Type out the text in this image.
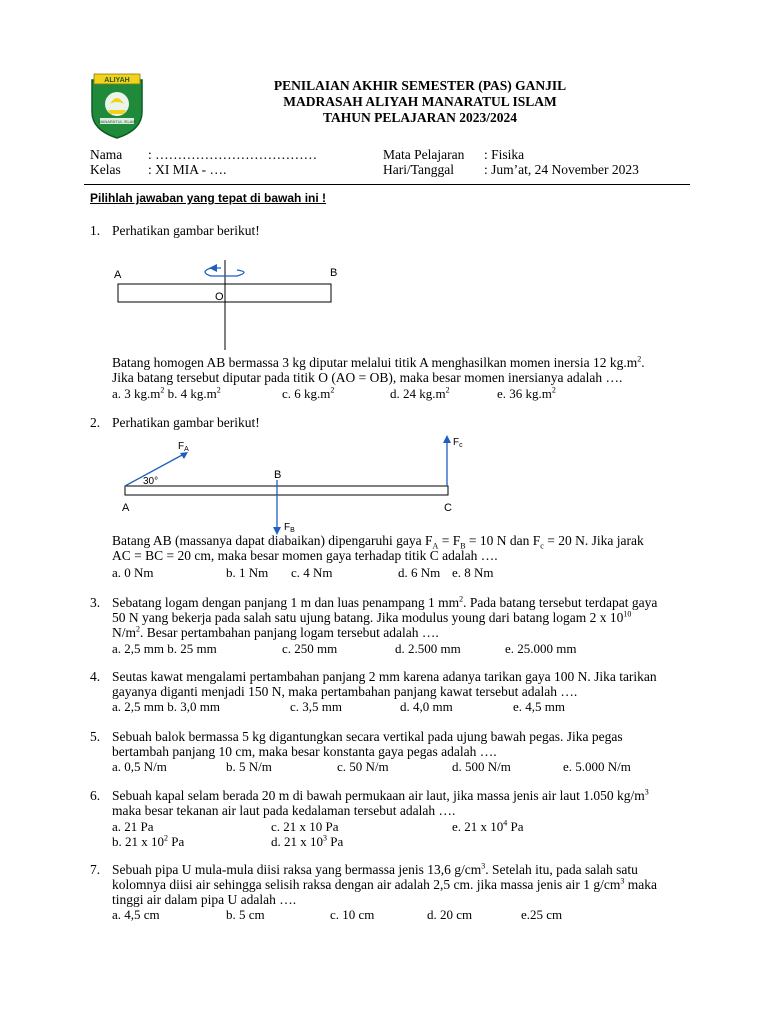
ALIYAH
MANARATUL ISLAM
PENILAIAN AKHIR SEMESTER (PAS) GANJIL
MADRASAH ALIYAH MANARATUL ISLAM
TAHUN PELAJARAN 2023/2024
Nama : ………………………………
Kelas : XI MIA - ….
Mata Pelajaran : Fisika
Hari/Tanggal : Jum’at, 24 November 2023
Pilihlah jawaban yang tepat di bawah ini !
1. Perhatikan gambar berikut!
A	B
O
Batang homogen AB bermassa 3 kg diputar melalui titik A menghasilkan momen inersia 12 $kg.m^2$.
Jika batang tersebut diputar pada titik O (AO = OB), maka besar momen inersianya adalah ….
a. 3 $kg.m^2$ b. 4 $kg.m^2$	c. 6 $kg.m^2$	d. 24 $kg.m^2$	e. 36 $kg.m^2$
2. Perhatikan gambar berikut!
$F_A$
$F_c$
$F_B$
30°
A
B
C
Batang AB (massanya dapat diabaikan) dipengaruhi gaya $F_A = F_B = 10$ N dan $F_c = 20$ N. Jika jarak
AC = BC = 20 cm, maka besar momen gaya terhadap titik C adalah ….
a. 0 Nm	b. 1 Nm c. 4 Nm	d. 6 Nm e. 8 Nm
3. Sebatang logam dengan panjang 1 m dan luas penampang 1 $mm^2$. Pada batang tersebut terdapat gaya
50 N yang bekerja pada salah satu ujung batang. Jika modulus young dari batang logam 2 x $10^{10}$
$N/m^2$. Besar pertambahan panjang logam tersebut adalah ….
a. 2,5 mm b. 25 mm	c. 250 mm	d. 2.500 mm	e. 25.000 mm
4. Seutas kawat mengalami pertambahan panjang 2 mm karena adanya tarikan gaya 100 N. Jika tarikan
gayanya diganti menjadi 150 N, maka pertambahan panjang kawat tersebut adalah ….
a. 2,5 mm b. 3,0 mm	c. 3,5 mm	d. 4,0 mm	e. 4,5 mm
5. Sebuah balok bermassa 5 kg digantungkan secara vertikal pada ujung bawah pegas. Jika pegas
bertambah panjang 10 cm, maka besar konstanta gaya pegas adalah ….
a. 0,5 N/m	b. 5 N/m	c. 50 N/m	d. 500 N/m	e. 5.000 N/m
6. Sebuah kapal selam berada 20 m di bawah permukaan air laut, jika massa jenis air laut 1.050 $kg/m^3$
maka besar tekanan air laut pada kedalaman tersebut adalah ….
a. 21 Pa	c. 21 x 10 Pa	e. 21 x $10^4$ Pa
b. 21 x $10^2$ Pa	d. 21 x $10^3$ Pa
7. Sebuah pipa U mula-mula diisi raksa yang bermassa jenis 13,6 $g/cm^3$. Setelah itu, pada salah satu
kolomnya diisi air sehingga selisih raksa dengan air adalah 2,5 cm. jika massa jenis air 1 $g/cm^3$ maka
tinggi air dalam pipa U adalah ….
a. 4,5 cm	b. 5 cm	c. 10 cm	d. 20 cm	e.25 cm
